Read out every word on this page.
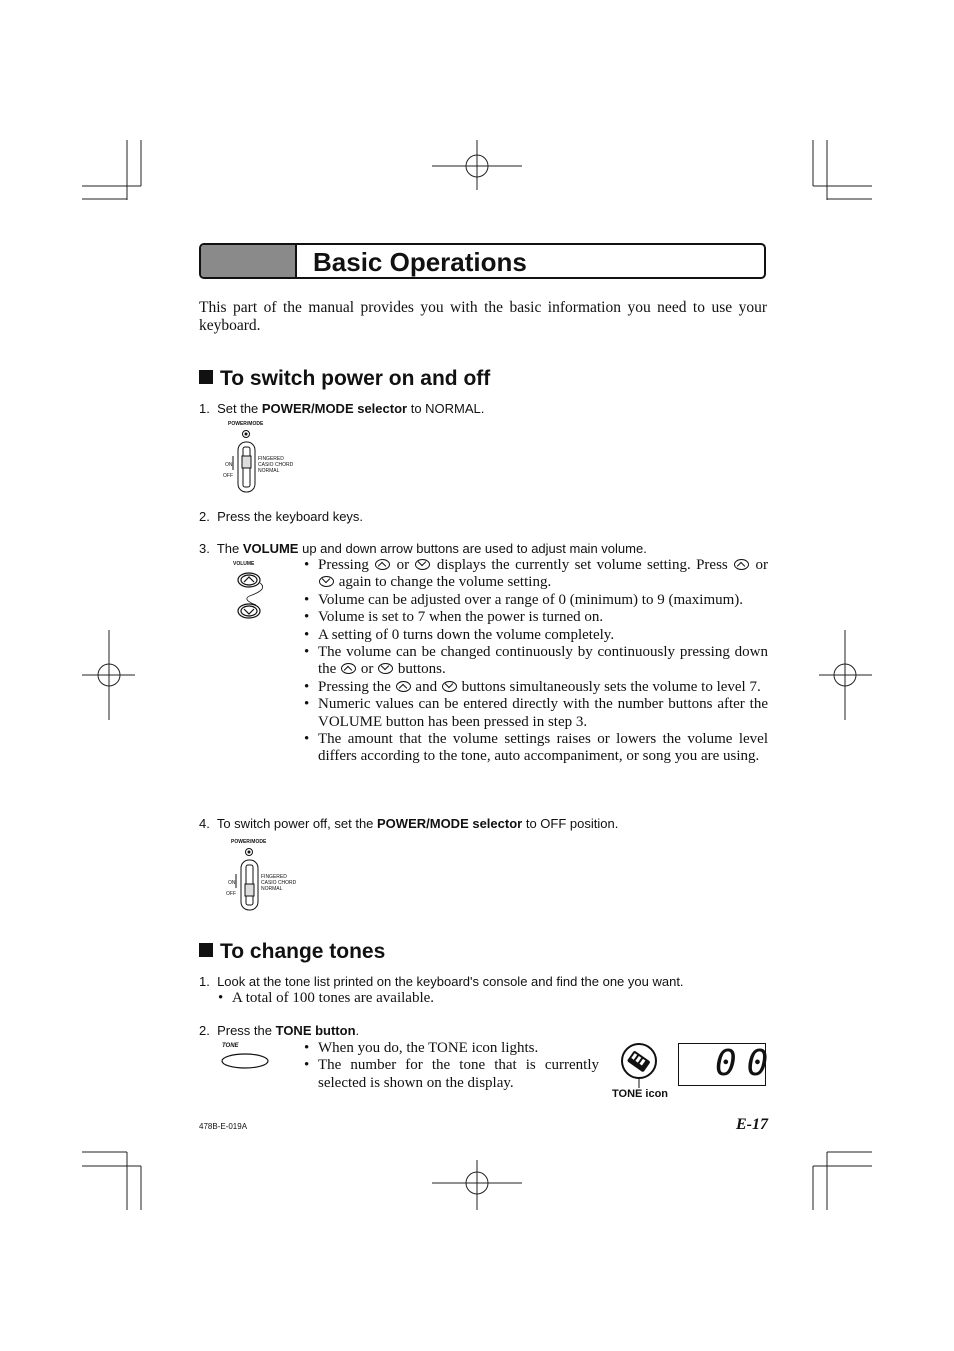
Basic Operations
This part of the manual provides you with the basic information you need to use your keyboard.
To switch power on and off
1. Set the POWER/MODE selector to NORMAL.
POWER/MODE
ON
OFF
FINGERED
CASIO CHORD
NORMAL
2. Press the keyboard keys.
3. The VOLUME up and down arrow buttons are used to adjust main volume.
VOLUME	• Pressing  or  displays the currently set volume setting. Press  or  again to change the volume setting.
• Volume can be adjusted over a range of 0 (minimum) to 9 (maximum).
• Volume is set to 7 when the power is turned on.
• A setting of 0 turns down the volume completely.
• The volume can be changed continuously by continuously pressing down the  or  buttons.
• Pressing the  and  buttons simultaneously sets the volume to level 7.
• Numeric values can be entered directly with the number buttons after the VOLUME button has been pressed in step 3.
• The amount that the volume settings raises or lowers the volume level differs according to the tone, auto accompaniment, or song you are using.
4. To switch power off, set the POWER/MODE selector to OFF position.
POWER/MODE
ON
OFF
FINGERED
CASIO CHORD
NORMAL
To change tones
1. Look at the tone list printed on the keyboard's console and find the one you want.
• A total of 100 tones are available.
2. Press the TONE button.
TONE	• When you do, the TONE icon lights.
• The number for the tone that is currently selected is shown on the display.
TONE icon
00
478B-E-019A	E-17
